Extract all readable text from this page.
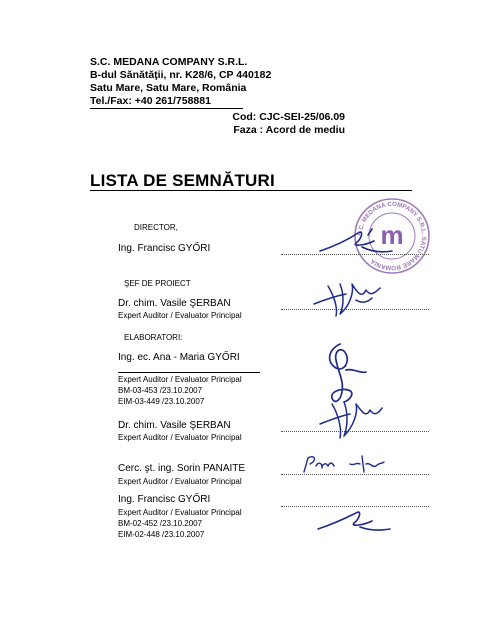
S.C. MEDANA COMPANY S.R.L.
B-dul Sănătăţii, nr. K28/6, CP 440182
Satu Mare, Satu Mare, România
Tel./Fax: +40 261/758881
Cod: CJC-SEI-25/06.09
Faza : Acord de mediu
LISTA DE SEMNĂTURI
S.C. MEDANA COMPANY S.R.L. SATU MARE ROMANIA
m
DIRECTOR,
Ing. Francisc GYŐRI
ŞEF DE PROIECT
Dr. chim. Vasile ŞERBAN
Expert Auditor / Evaluator Principal
ELABORATORI:
Ing. ec. Ana - Maria GYŐRI
Expert Auditor / Evaluator Principal
BM-03-453 /23.10.2007
EIM-03-449 /23.10.2007
Dr. chim. Vasile ŞERBAN
Expert Auditor / Evaluator Principal
Cerc. şt. ing. Sorin PANAITE
Expert Auditor / Evaluator Principal
Ing. Francisc GYŐRI
Expert Auditor / Evaluator Principal
BM-02-452 /23.10.2007
EIM-02-448 /23.10.2007
